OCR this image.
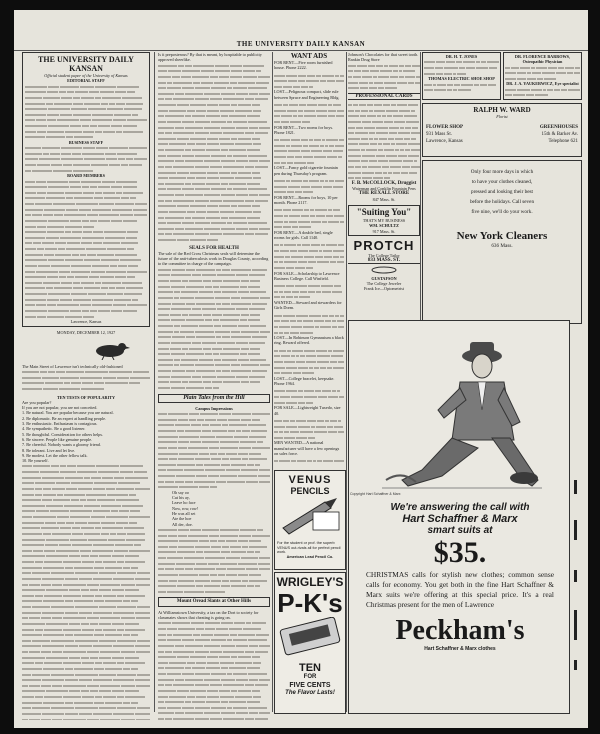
THE UNIVERSITY DAILY KANSAN
THE UNIVERSITY DAILY KANSAN
Official student paper of the University of Kansas
EDITORIAL STAFF
BUSINESS STAFF
BOARD MEMBERS
Lawrence, Kansas
MONDAY, DECEMBER 12, 1927
The Main Street of Lawrence isn't technically old-fashioned
TEN TESTS OF POPULARITY
Are you popular?
If you are not popular, you are not conceited.
1. Be natural. You are popular because you are natural.
2. Be diplomatic. Be an expert at handling people.
3. Be enthusiastic. Enthusiasm is contagious.
4. Be sympathetic. Be a good listener.
5. Be thoughtful. Consideration for others helps.
6. Be sincere. People like genuine people.
7. Be cheerful. Nobody wants a gloomy friend.
8. Be tolerant. Live and let live.
9. Be modest. Let the other fellow talk.
10. Be yourself.
Is it preposterous? By that is meant, by hospitable to publicity approved sheerlike.
SEALS FOR HEALTH
The sale of the Red Cross Christmas seals will determine the future of the anti-tuberculosis work in Douglas County, according to the committee in charge of the campaign.
Plain Tales from the Hill
Campus Impressions
Oh say oo
Cut his ay,
Leave ho face
Now, row, row!
He was all set
Ate the hoe
All der, doe.
Mount Oread Slants at Other Hills
At Williamstown University, a tax on the Dort to society for classmates shows that cheating is going on.
WANT ADS
FOR RENT—Five room furnished house. Phone 2222.
LOST—Pelignoux compact, slide rule between Spruce and Engineering Bldg.
FOR RENT—Two rooms for boys. Phone 1821.
LOST—Fancy gold cigarette fountain pen during Thursday's program.
FOR RENT—Rooms for boys, 10 per month. Phone 2117.
FOR RENT—A double bed, single rooms for girls. Call 1140.
FOR SALE—Scholarship to Lawrence Business College. Call Winfield.
WANTED—Steward and stewardess for Girls Dorm.
LOST—In Robinson Gymnasium a black ring. Reward offered.
LOST—College bracelet, keepsake. Phone 1964.
FOR SALE—Lightweight Tuxedo, size 40.
MEN WANTED—A national manufacturer will have a few openings on sales force.
Johnson's Chocolates for that sweet tooth. Rankin Drug Store
PROFESSIONAL CARDS
F. B. McCOLLOCK, Druggist
Waterman and Conklin Fountain Pens
THE REXALL STORE
847 Mass. St.
"Suiting You"
THAT'S MY BUSINESS
WM. SCHULTZ
917 Mass. St.
PROTCH
The College Tailor
833 MASS. ST.
GUSTAFSON
The College Jeweler
Frank Ice—Optometrist
DR. H. T. JONES
THOMAS ELECTRIC SHOE SHOP
DR. FLORENCE BARROWS, Osteopathic Physician
DR. J. A. YAUKERWICZ, Eye specialist
RALPH W. WARD
Florist
FLOWER SHOP
931 Mass St.
Lawrence, Kansas
GREENHOUSES
15th & Barker Av.
Telephone 621
Only four more days in which
to have your clothes cleaned,
pressed and looking their best
before the holidays. Call seven
five nine, we'll do your work.
New York Cleaners
636 Mass.
VENUS
PENCILS
For the student or prof. the superb VENUS out-rivals all for perfect pencil work.
American Lead Pencil Co.
WRIGLEY'S
P-K's
TEN
FOR
FIVE CENTS
The Flavor Lasts!
Copyright Hart Schaffner & Marx
We're answering the call with
Hart Schaffner & Marx
smart suits at
$35.
CHRISTMAS calls for stylish new clothes; common sense calls for economy. You get both in the fine Hart Schaffner & Marx suits we're offering at this special price. It's a real Christmas present for the men of Lawrence
Peckham's
Hart Schaffner & Marx clothes
